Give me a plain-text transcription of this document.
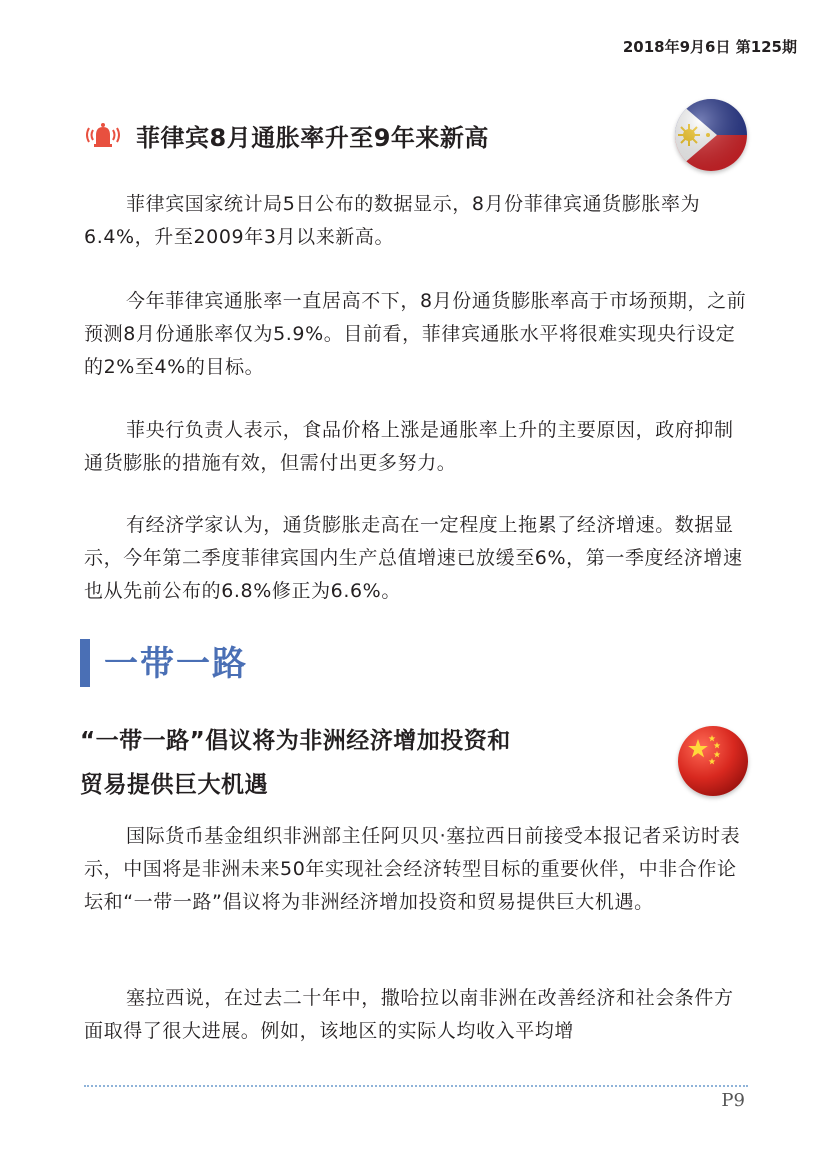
2018年9月6日 第125期
菲律宾8月通胀率升至9年来新高

菲律宾国家统计局5日公布的数据显示，8月份菲律宾通货膨胀率为6.4%，升至2009年3月以来新高。

今年菲律宾通胀率一直居高不下，8月份通货膨胀率高于市场预期，之前预测8月份通胀率仅为5.9%。目前看，菲律宾通胀水平将很难实现央行设定的2%至4%的目标。

菲央行负责人表示，食品价格上涨是通胀率上升的主要原因，政府抑制通货膨胀的措施有效，但需付出更多努力。

有经济学家认为，通货膨胀走高在一定程度上拖累了经济增速。数据显示，今年第二季度菲律宾国内生产总值增速已放缓至6%，第一季度经济增速也从先前公布的6.8%修正为6.6%。

一带一路
“一带一路”倡议将为非洲经济增加投资和
贸易提供巨大机遇

国际货币基金组织非洲部主任阿贝贝·塞拉西日前接受本报记者采访时表示，中国将是非洲未来50年实现社会经济转型目标的重要伙伴，中非合作论坛和“一带一路”倡议将为非洲经济增加投资和贸易提供巨大机遇。

塞拉西说，在过去二十年中，撒哈拉以南非洲在改善经济和社会条件方面取得了很大进展。例如，该地区的实际人均收入平均增

P9
